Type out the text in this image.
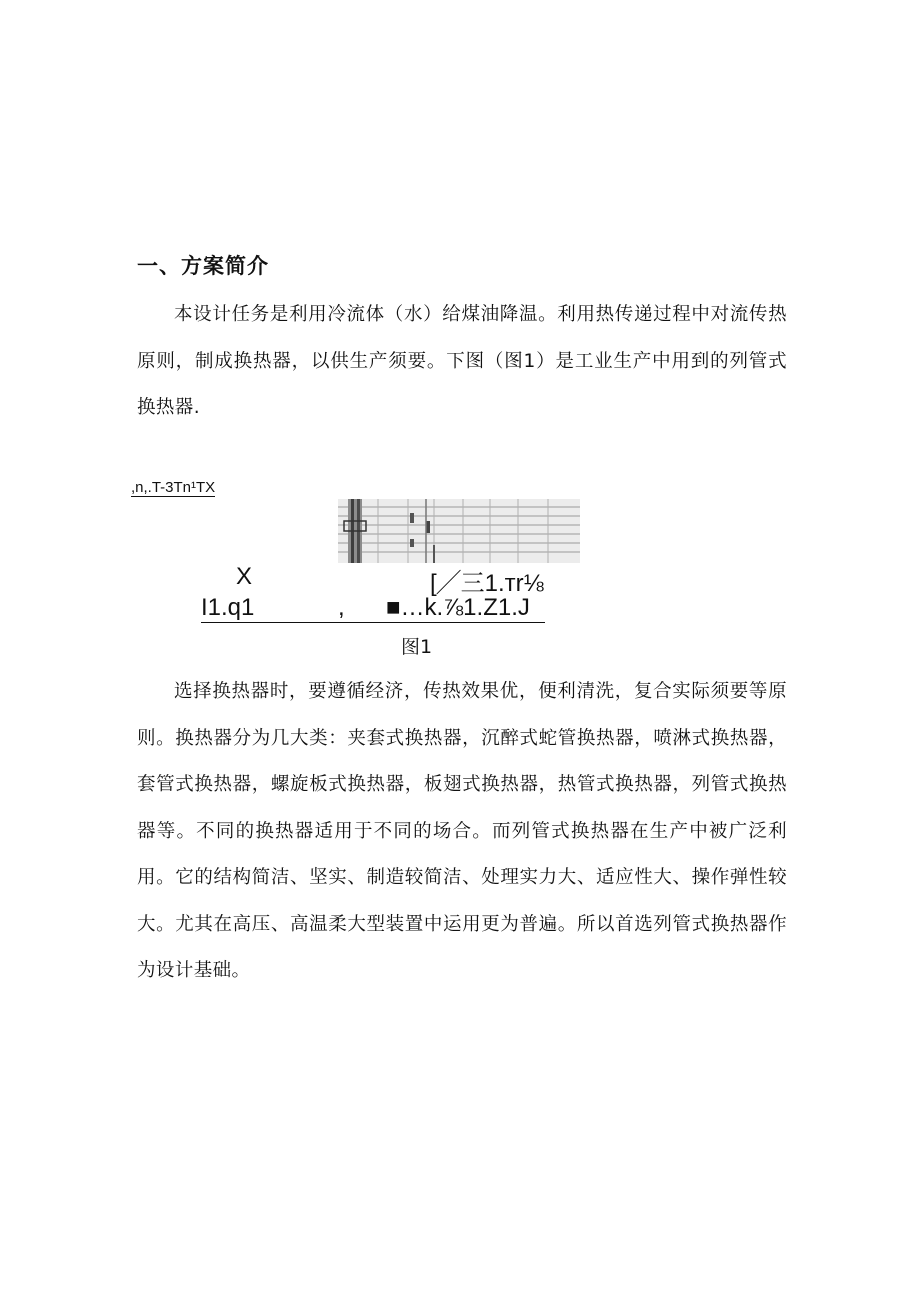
一、方案简介

本设计任务是利用冷流体（水）给煤油降温。利用热传递过程中对流传热原则，制成换热器，以供生产须要。下图（图1）是工业生产中用到的列管式换热器.

,n,.T-3Tn¹TX
X	[╱三1.тr⅛
I1.q1	, ■…k.⅞1.Z1.J

图1

选择换热器时，要遵循经济，传热效果优，便利清洗，复合实际须要等原则。换热器分为几大类：夹套式换热器，沉醉式蛇管换热器，喷淋式换热器，套管式换热器，螺旋板式换热器，板翅式换热器，热管式换热器，列管式换热器等。不同的换热器适用于不同的场合。而列管式换热器在生产中被广泛利用。它的结构简洁、坚实、制造较简洁、处理实力大、适应性大、操作弹性较大。尤其在高压、高温柔大型装置中运用更为普遍。所以首选列管式换热器作为设计基础。
